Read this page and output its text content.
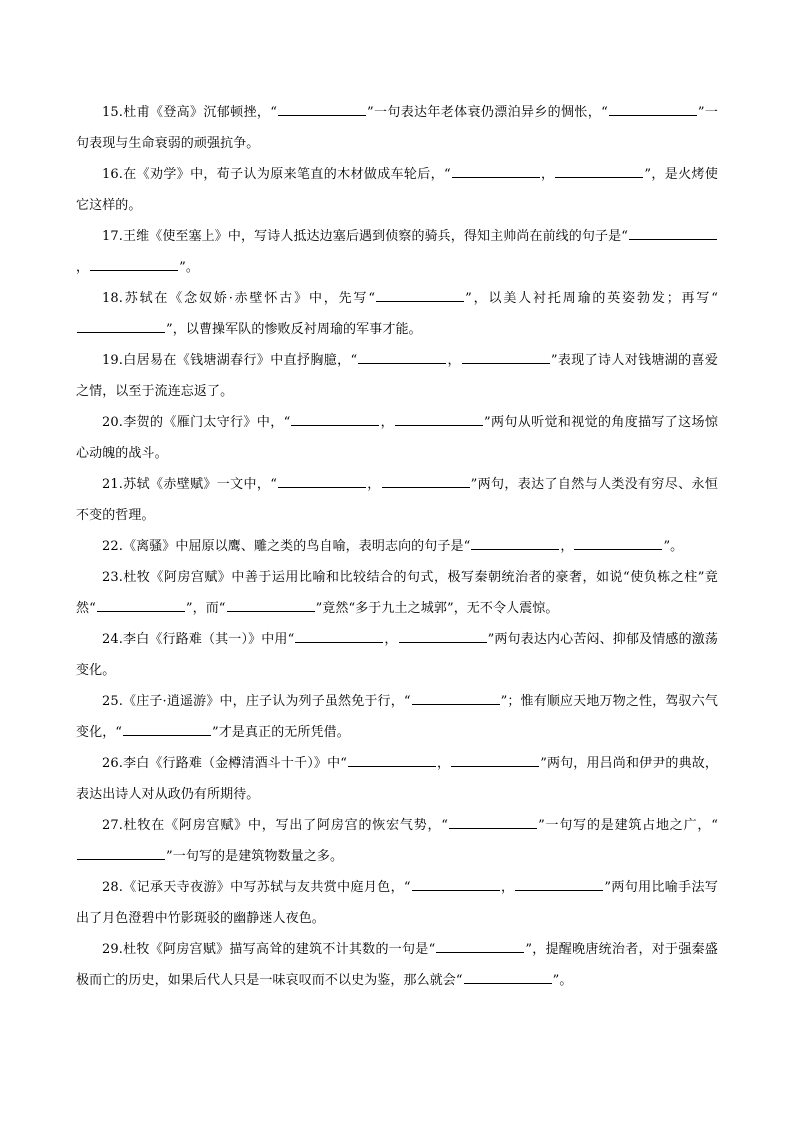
15.杜甫《登高》沉郁顿挫，“	”一句表达年老体衰仍漂泊异乡的惆怅，“	”一句表现与生命衰弱的顽强抗争。

16.在《劝学》中，荀子认为原来笔直的木材做成车轮后，“	，	”，是火烤使它这样的。

17.王维《使至塞上》中，写诗人抵达边塞后遇到侦察的骑兵，得知主帅尚在前线的句子是“，	”。

18.苏轼在《念奴娇·赤壁怀古》中，先写“	”，以美人衬托周瑜的英姿勃发；再写“”，以曹操军队的惨败反衬周瑜的军事才能。

19.白居易在《钱塘湖春行》中直抒胸臆，“	，	”表现了诗人对钱塘湖的喜爱之情，以至于流连忘返了。

20.李贺的《雁门太守行》中，“	，	”两句从听觉和视觉的角度描写了这场惊心动魄的战斗。

21.苏轼《赤壁赋》一文中，“	，	”两句，表达了自然与人类没有穷尽、永恒不变的哲理。

22.《离骚》中屈原以鹰、雕之类的鸟自喻，表明志向的句子是“	，	”。

23.杜牧《阿房宫赋》中善于运用比喻和比较结合的句式，极写秦朝统治者的豪奢，如说“使负栋之柱”竟然“	”，而“	”竟然“多于九土之城郭”，无不令人震惊。

24.李白《行路难（其一）》中用“	，	”两句表达内心苦闷、抑郁及情感的激荡变化。

25.《庄子·逍遥游》中，庄子认为列子虽然免于行，“	”；惟有顺应天地万物之性，驾驭六气变化，“	”才是真正的无所凭借。

26.李白《行路难（金樽清酒斗十千）》中“	，	”两句，用吕尚和伊尹的典故，表达出诗人对从政仍有所期待。

27.杜牧在《阿房宫赋》中，写出了阿房宫的恢宏气势，“	”一句写的是建筑占地之广，“”一句写的是建筑物数量之多。

28.《记承天寺夜游》中写苏轼与友共赏中庭月色，“	，	”两句用比喻手法写出了月色澄碧中竹影斑驳的幽静迷人夜色。

29.杜牧《阿房宫赋》描写高耸的建筑不计其数的一句是“	”，提醒晚唐统治者，对于强秦盛极而亡的历史，如果后代人只是一味哀叹而不以史为鉴，那么就会“	”。
